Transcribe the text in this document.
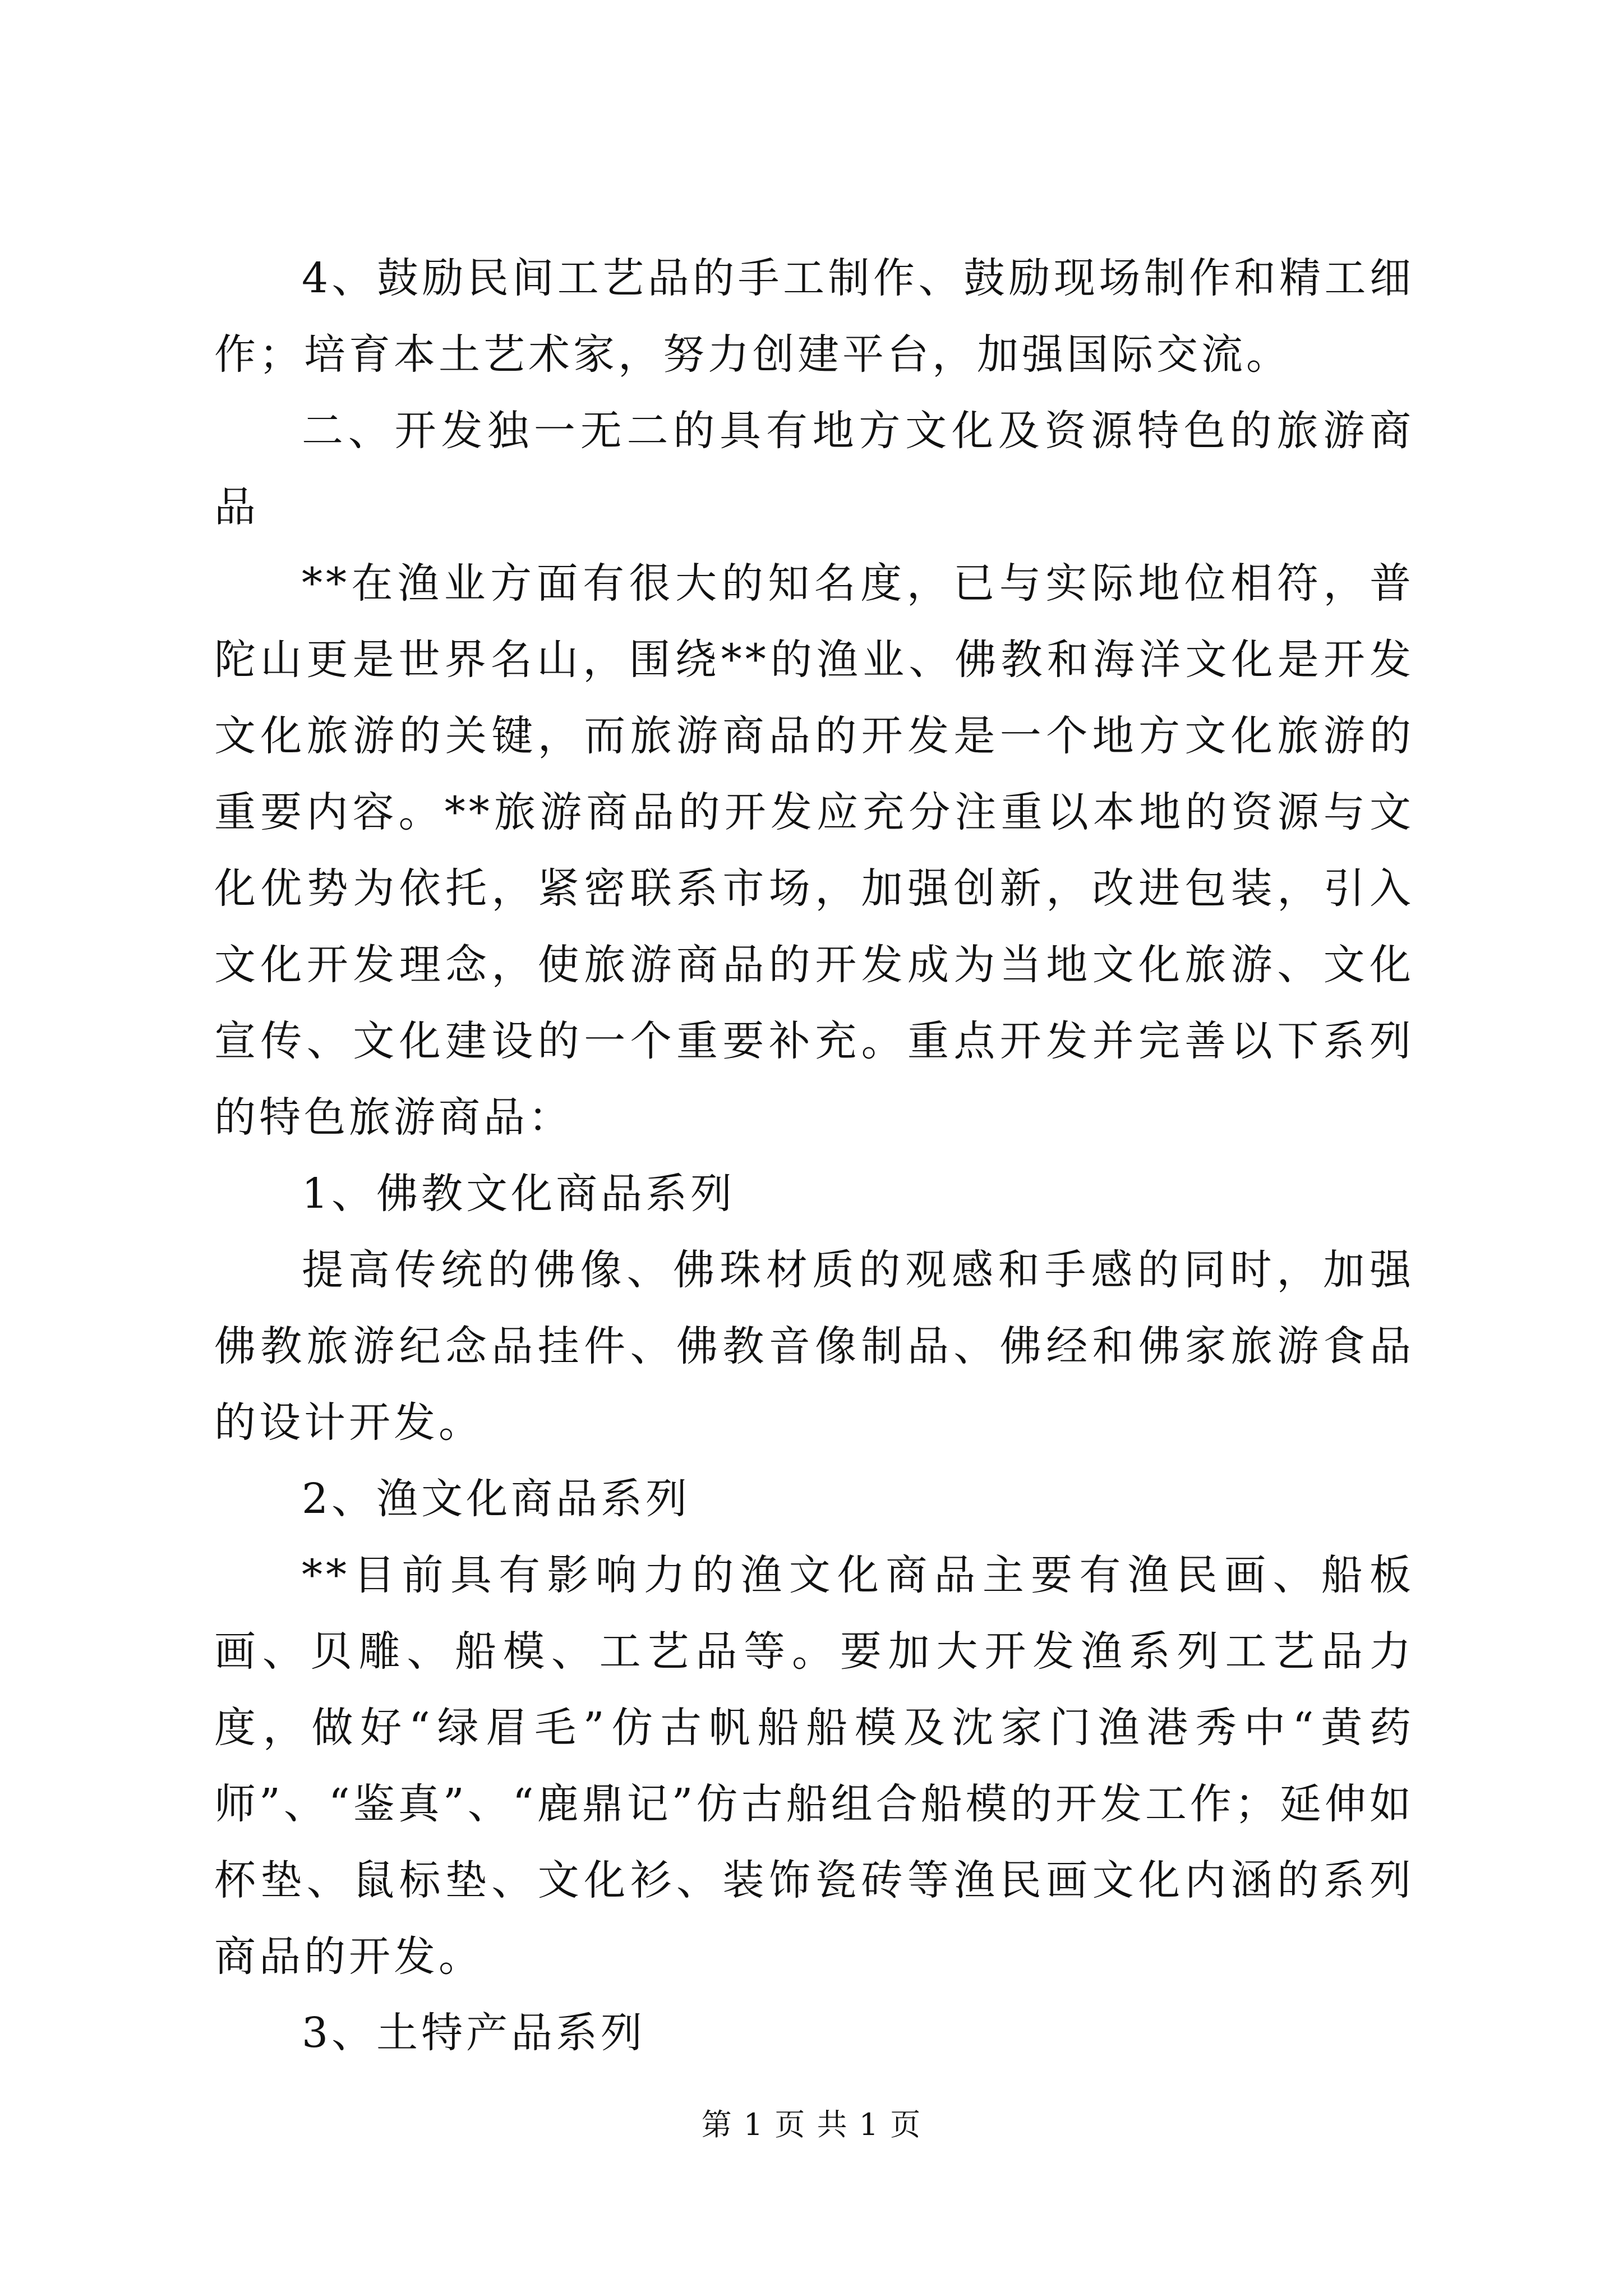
4、鼓励民间工艺品的手工制作、鼓励现场制作和精工细作；培育本土艺术家，努力创建平台，加强国际交流。

二、开发独一无二的具有地方文化及资源特色的旅游商品

**在渔业方面有很大的知名度，已与实际地位相符，普陀山更是世界名山，围绕**的渔业、佛教和海洋文化是开发文化旅游的关键，而旅游商品的开发是一个地方文化旅游的重要内容。**旅游商品的开发应充分注重以本地的资源与文化优势为依托，紧密联系市场，加强创新，改进包装，引入文化开发理念，使旅游商品的开发成为当地文化旅游、文化宣传、文化建设的一个重要补充。重点开发并完善以下系列的特色旅游商品：

1、佛教文化商品系列

提高传统的佛像、佛珠材质的观感和手感的同时，加强佛教旅游纪念品挂件、佛教音像制品、佛经和佛家旅游食品的设计开发。

2、渔文化商品系列

**目前具有影响力的渔文化商品主要有渔民画、船板画、贝雕、船模、工艺品等。要加大开发渔系列工艺品力度，做好“绿眉毛”仿古帆船船模及沈家门渔港秀中“黄药师”、“鉴真”、“鹿鼎记”仿古船组合船模的开发工作；延伸如杯垫、鼠标垫、文化衫、装饰瓷砖等渔民画文化内涵的系列商品的开发。

3、土特产品系列

第 1 页 共 1 页
